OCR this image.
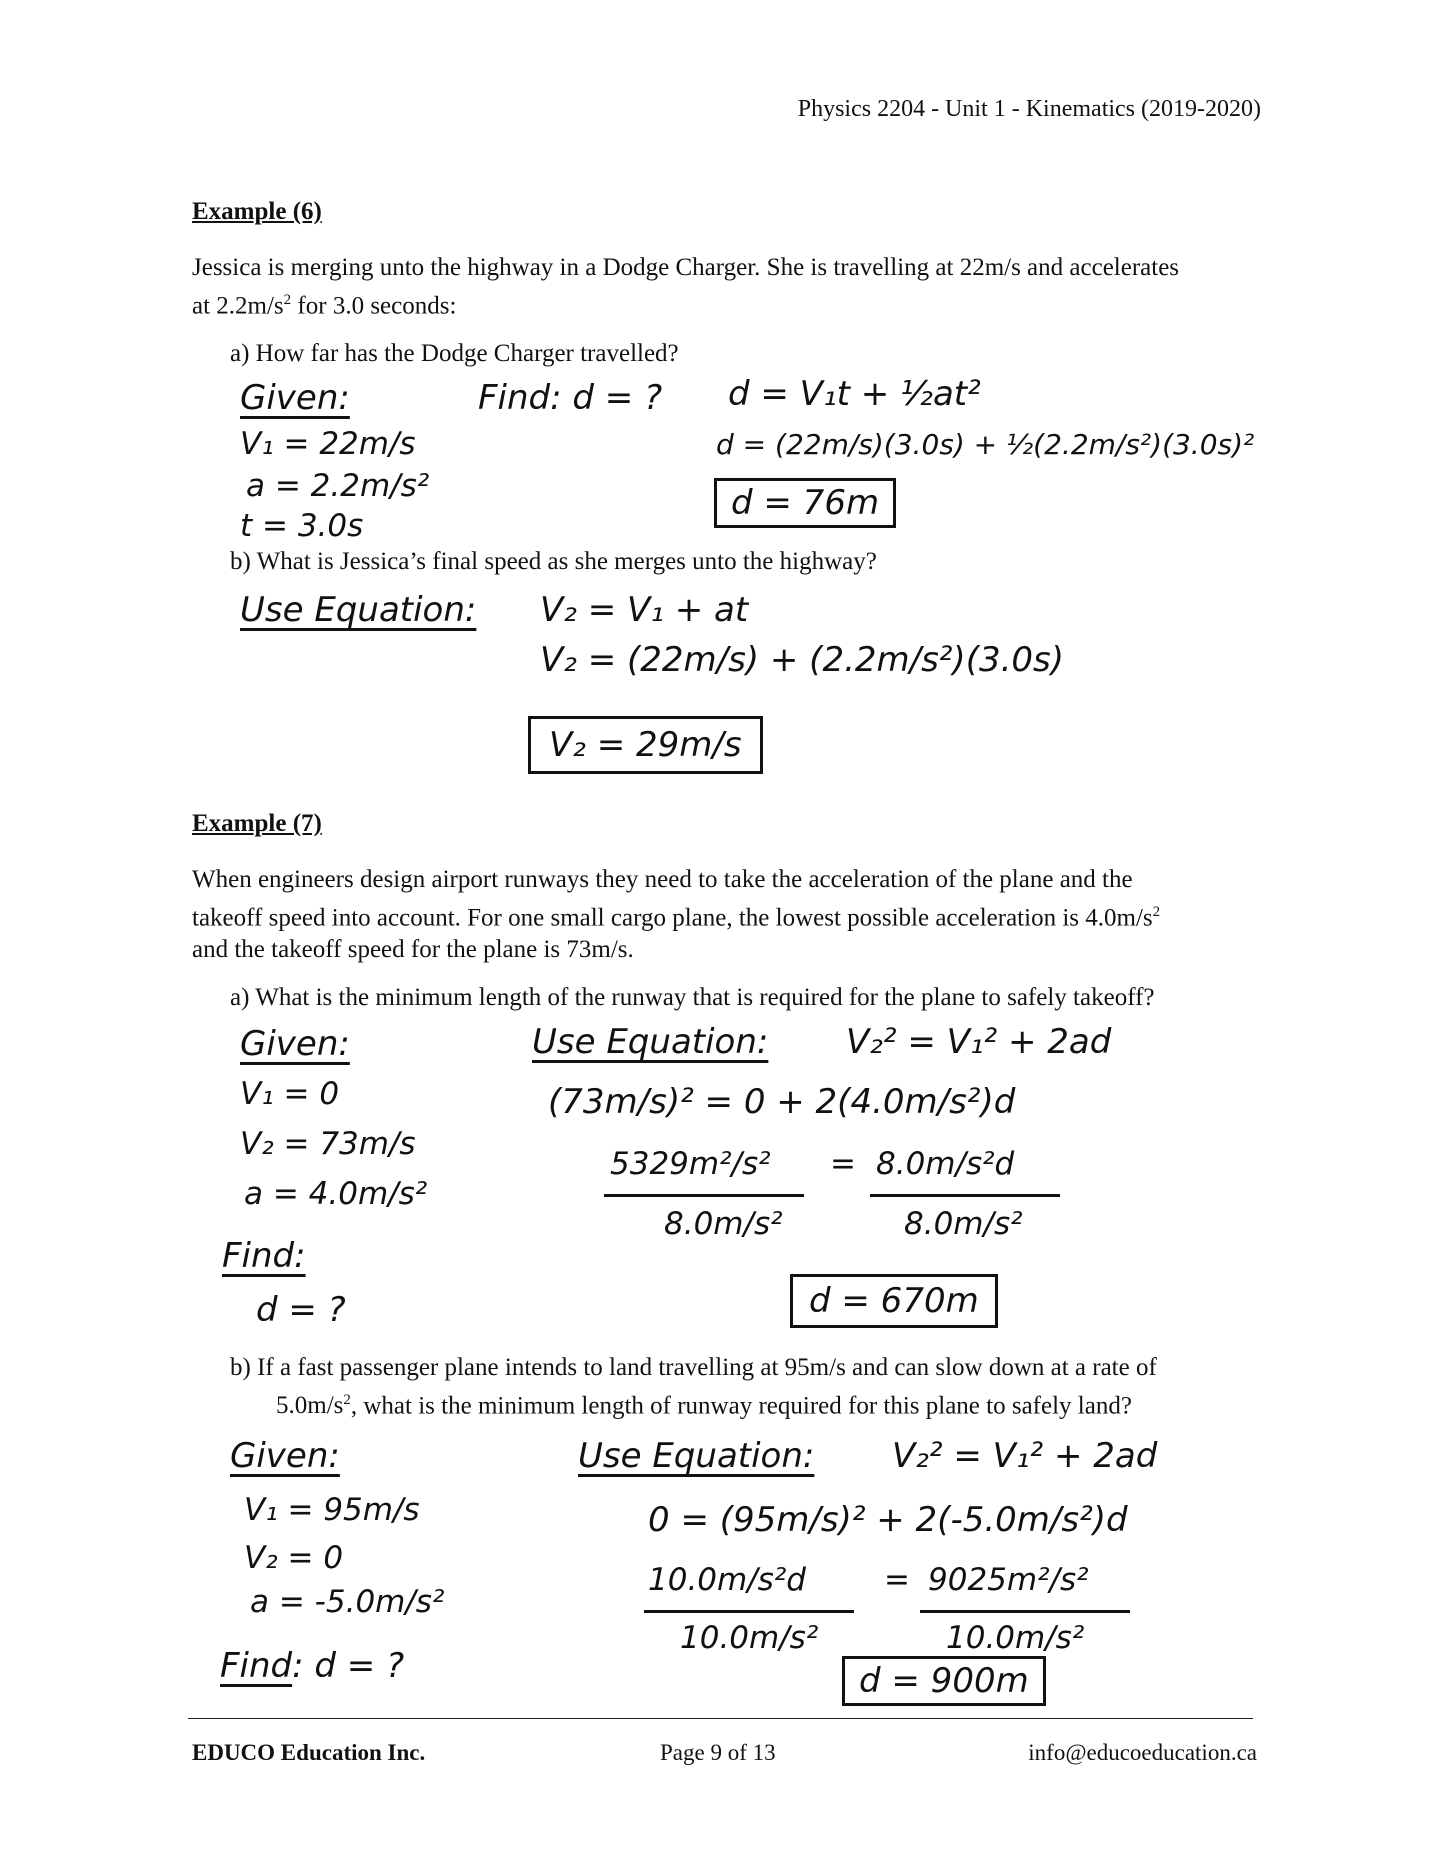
Physics 2204 - Unit 1 - Kinematics (2019-2020)
Example (6)
Jessica is merging unto the highway in a Dodge Charger. She is travelling at 22m/s and accelerates
at $2.2m/s^2$ for 3.0 seconds:
a) How far has the Dodge Charger travelled?
Given:
V₁ = 22m/s
a = 2.2m/s²
t = 3.0s
Find: d = ? d = V₁t + ½at²
d = (22m/s)(3.0s) + ½(2.2m/s²)(3.0s)²
d = 76m
b) What is Jessica’s final speed as she merges unto the highway?
Use Equation: V₂ = V₁ + at
V₂ = (22m/s) + (2.2m/s²)(3.0s)
V₂ = 29m/s
Example (7)
When engineers design airport runways they need to take the acceleration of the plane and the
takeoff speed into account. For one small cargo plane, the lowest possible acceleration is $4.0m/s^2$
and the takeoff speed for the plane is 73m/s.
a) What is the minimum length of the runway that is required for the plane to safely takeoff?
Given:
V₁ = 0
V₂ = 73m/s
a = 4.0m/s²
Find:
d = ?
Use Equation: V₂² = V₁² + 2ad
(73m/s)² = 0 + 2(4.0m/s²)d
5329m²/s² = 8.0m/s²d
8.0m/s²	8.0m/s²
d = 670m
b) If a fast passenger plane intends to land travelling at 95m/s and can slow down at a rate of
$5.0m/s^2$, what is the minimum length of runway required for this plane to safely land?
Given:
V₁ = 95m/s
V₂ = 0
a = -5.0m/s²
Find: d = ?
Use Equation: V₂² = V₁² + 2ad
0 = (95m/s)² + 2(-5.0m/s²)d
10.0m/s²d	= 9025m²/s²
10.0m/s²	10.0m/s²
d = 900m
EDUCO Education Inc.	Page 9 of 13	info@educoeducation.ca
